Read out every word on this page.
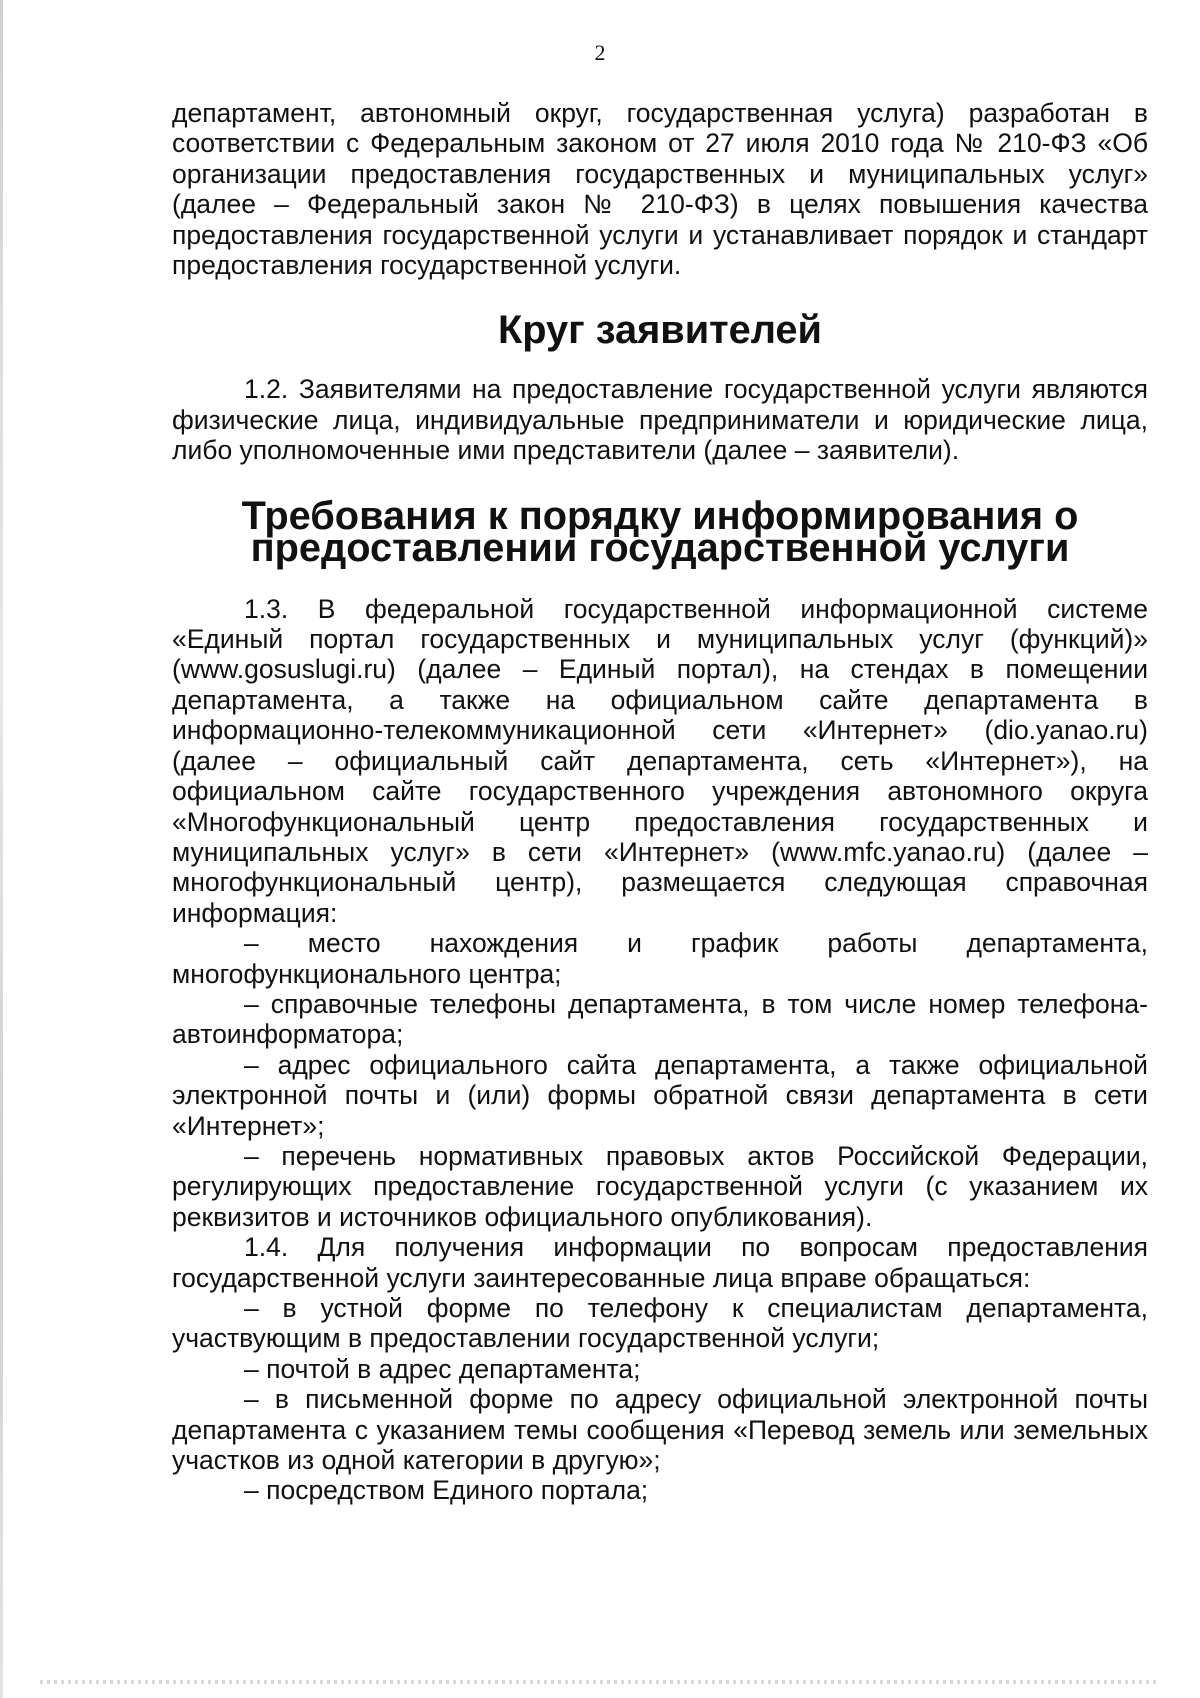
2

департамент, автономный округ, государственная услуга) разработан в соответствии с Федеральным законом от 27 июля 2010 года № 210-ФЗ «Об организации предоставления государственных и муниципальных услуг» (далее – Федеральный закон № 210-ФЗ) в целях повышения качества предоставления государственной услуги и устанавливает порядок и стандарт предоставления государственной услуги.

Круг заявителей

1.2. Заявителями на предоставление государственной услуги являются физические лица, индивидуальные предприниматели и юридические лица, либо уполномоченные ими представители (далее – заявители).

Требования к порядку информирования о предоставлении государственной услуги

1.3. В федеральной государственной информационной системе «Единый портал государственных и муниципальных услуг (функций)» (www.gosuslugi.ru) (далее – Единый портал), на стендах в помещении департамента, а также на официальном сайте департамента в информационно-телекоммуникационной сети «Интернет» (dio.yanao.ru) (далее – официальный сайт департамента, сеть «Интернет»), на официальном сайте государственного учреждения автономного округа «Многофункциональный центр предоставления государственных и муниципальных услуг» в сети «Интернет» (www.mfc.yanao.ru) (далее – многофункциональный центр), размещается следующая справочная информация:

– место нахождения и график работы департамента, многофункционального центра;

– справочные телефоны департамента, в том числе номер телефона-автоинформатора;

– адрес официального сайта департамента, а также официальной электронной почты и (или) формы обратной связи департамента в сети «Интернет»;

– перечень нормативных правовых актов Российской Федерации, регулирующих предоставление государственной услуги (с указанием их реквизитов и источников официального опубликования).

1.4. Для получения информации по вопросам предоставления государственной услуги заинтересованные лица вправе обращаться:

– в устной форме по телефону к специалистам департамента, участвующим в предоставлении государственной услуги;

– почтой в адрес департамента;

– в письменной форме по адресу официальной электронной почты департамента с указанием темы сообщения «Перевод земель или земельных участков из одной категории в другую»;

– посредством Единого портала;
